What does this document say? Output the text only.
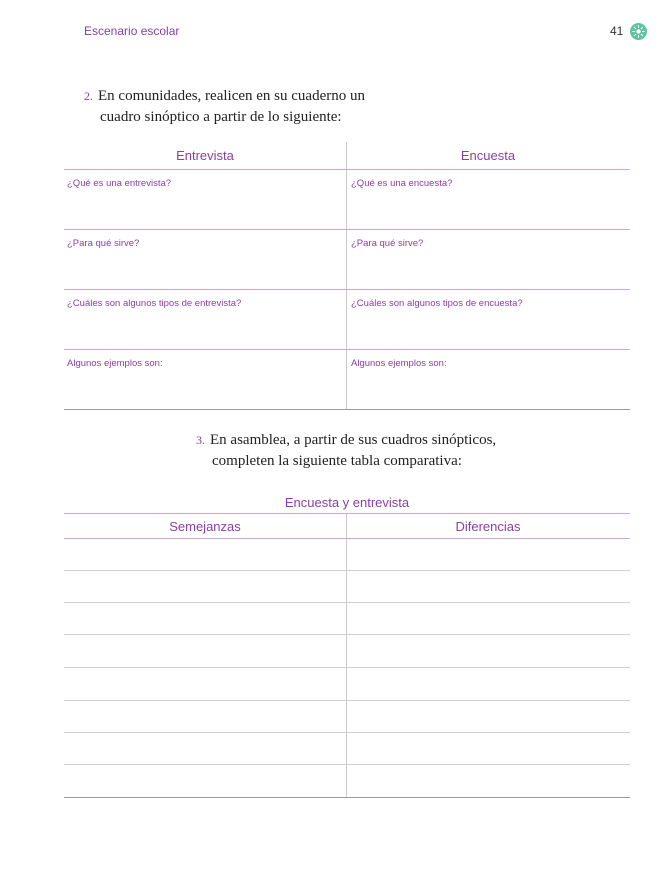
Escenario escolar	41
2. En comunidades, realicen en su cuaderno un
cuadro sinóptico a partir de lo siguiente:
Entrevista	Encuesta
¿Qué es una entrevista?	¿Qué es una encuesta?
¿Para qué sirve?	¿Para qué sirve?
¿Cuáles son algunos tipos de entrevista?	¿Cuáles son algunos tipos de encuesta?
Algunos ejemplos son:	Algunos ejemplos son:
3. En asamblea, a partir de sus cuadros sinópticos,
completen la siguiente tabla comparativa:
Encuesta y entrevista
Semejanzas	Diferencias
